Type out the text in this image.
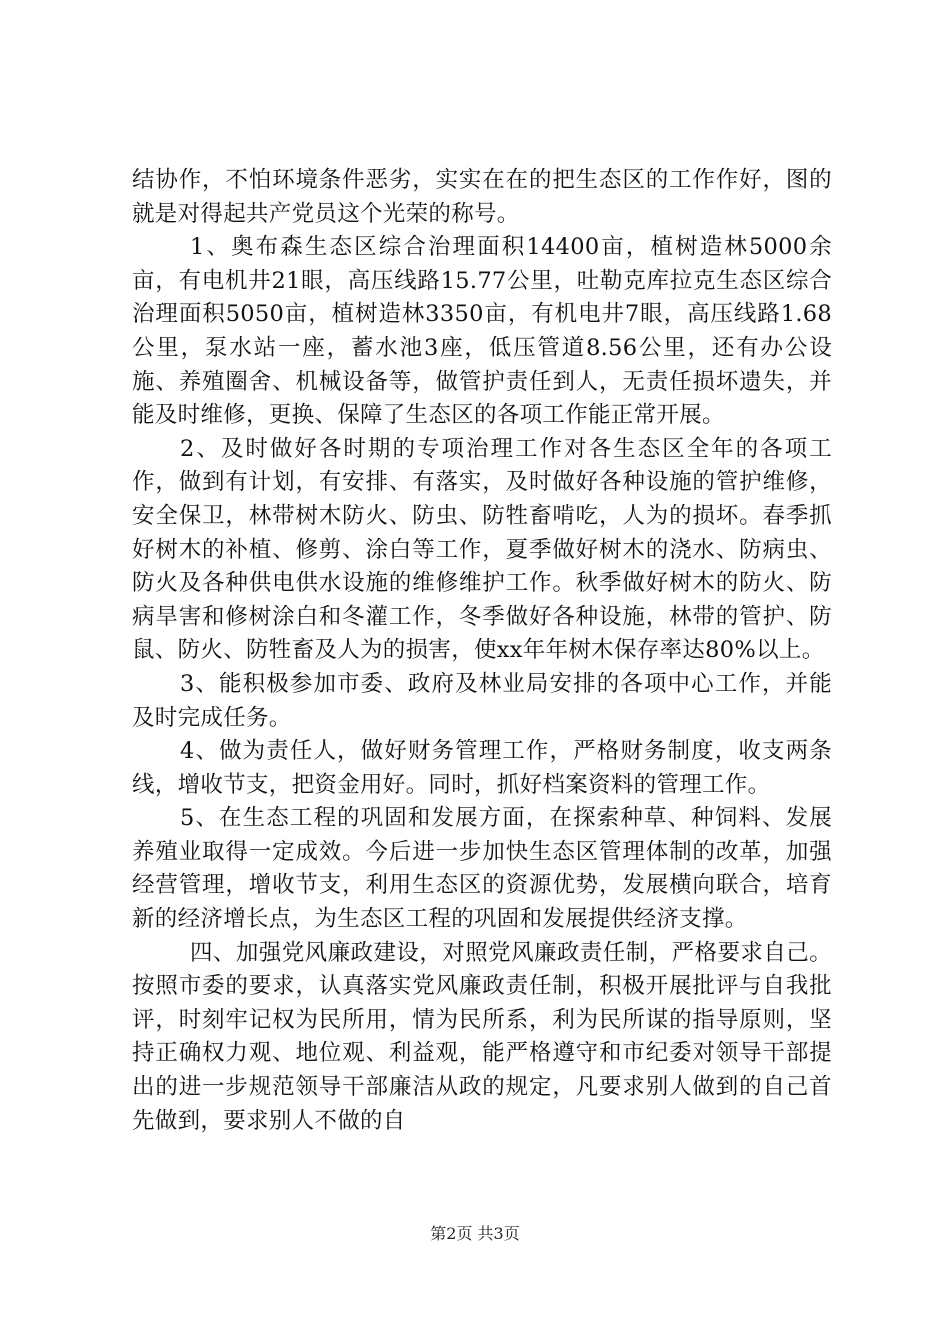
结协作，不怕环境条件恶劣，实实在在的把生态区的工作作好，图的就是对得起共产党员这个光荣的称号。

1、奥布森生态区综合治理面积14400亩，植树造林5000余亩，有电机井21眼，高压线路15.77公里，吐勒克库拉克生态区综合治理面积5050亩，植树造林3350亩，有机电井7眼，高压线路1.68公里，泵水站一座，蓄水池3座，低压管道8.56公里，还有办公设施、养殖圈舍、机械设备等，做管护责任到人，无责任损坏遗失，并能及时维修，更换、保障了生态区的各项工作能正常开展。

2、及时做好各时期的专项治理工作对各生态区全年的各项工作，做到有计划，有安排、有落实，及时做好各种设施的管护维修，安全保卫，林带树木防火、防虫、防牲畜啃吃，人为的损坏。春季抓好树木的补植、修剪、涂白等工作，夏季做好树木的浇水、防病虫、防火及各种供电供水设施的维修维护工作。秋季做好树木的防火、防病旱害和修树涂白和冬灌工作，冬季做好各种设施，林带的管护、防鼠、防火、防牲畜及人为的损害，使xx年年树木保存率达80%以上。

3、能积极参加市委、政府及林业局安排的各项中心工作，并能及时完成任务。

4、做为责任人，做好财务管理工作，严格财务制度，收支两条线，增收节支，把资金用好。同时，抓好档案资料的管理工作。

5、在生态工程的巩固和发展方面，在探索种草、种饲料、发展养殖业取得一定成效。今后进一步加快生态区管理体制的改革，加强经营管理，增收节支，利用生态区的资源优势，发展横向联合，培育新的经济增长点，为生态区工程的巩固和发展提供经济支撑。

四、加强党风廉政建设，对照党风廉政责任制，严格要求自己。按照市委的要求，认真落实党风廉政责任制，积极开展批评与自我批评，时刻牢记权为民所用，情为民所系，利为民所谋的指导原则，坚持正确权力观、地位观、利益观，能严格遵守和市纪委对领导干部提出的进一步规范领导干部廉洁从政的规定，凡要求别人做到的自己首先做到，要求别人不做的自

第2页 共3页
